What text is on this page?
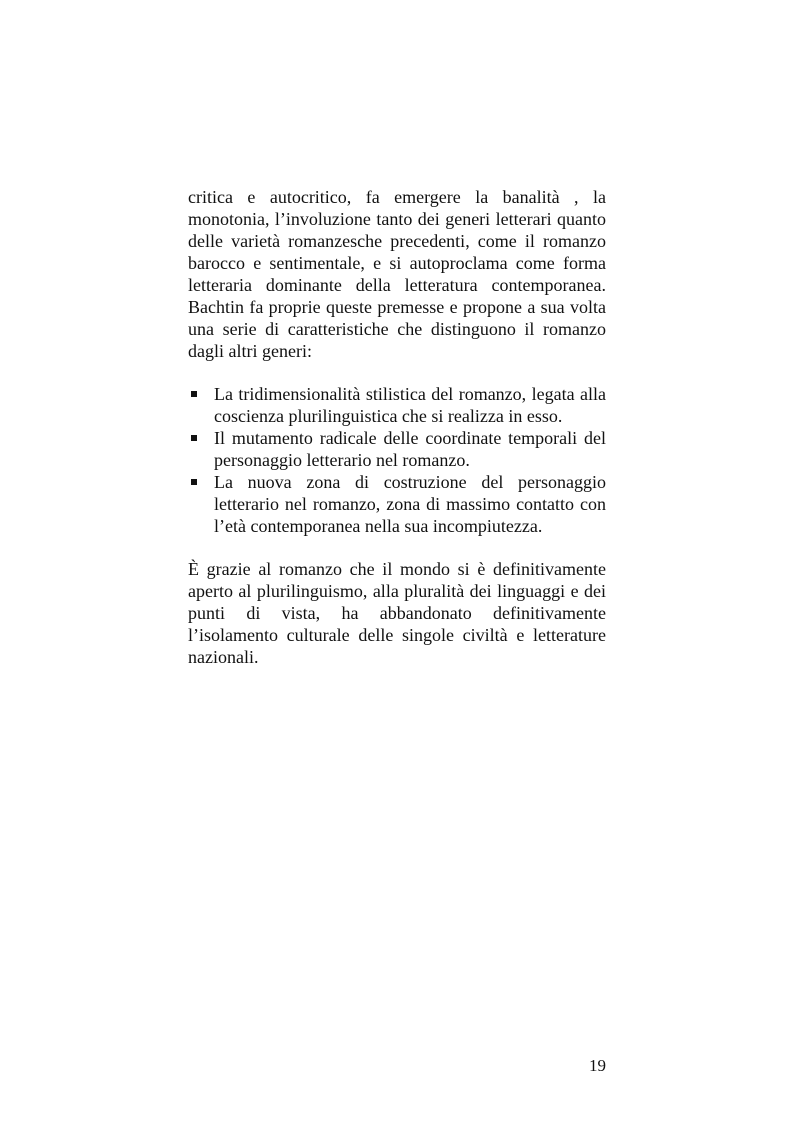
critica e autocritico, fa emergere la banalità , la monotonia, l’involuzione tanto dei generi letterari quanto delle varietà romanzesche precedenti, come il romanzo barocco e sentimentale, e si autoproclama come forma letteraria dominante della letteratura contemporanea. Bachtin fa proprie queste premesse e propone a sua volta una serie di caratteristiche che distinguono il romanzo dagli altri generi:

La tridimensionalità stilistica del romanzo, legata alla coscienza plurilinguistica che si realizza in esso.
Il mutamento radicale delle coordinate temporali del personaggio letterario nel romanzo.
La nuova zona di costruzione del personaggio letterario nel romanzo, zona di massimo contatto con l’età contemporanea nella sua incompiutezza.

È grazie al romanzo che il mondo si è definitivamente aperto al plurilinguismo, alla pluralità dei linguaggi e dei punti di vista, ha abbandonato definitivamente l’isolamento culturale delle singole civiltà e letterature nazionali.

19
